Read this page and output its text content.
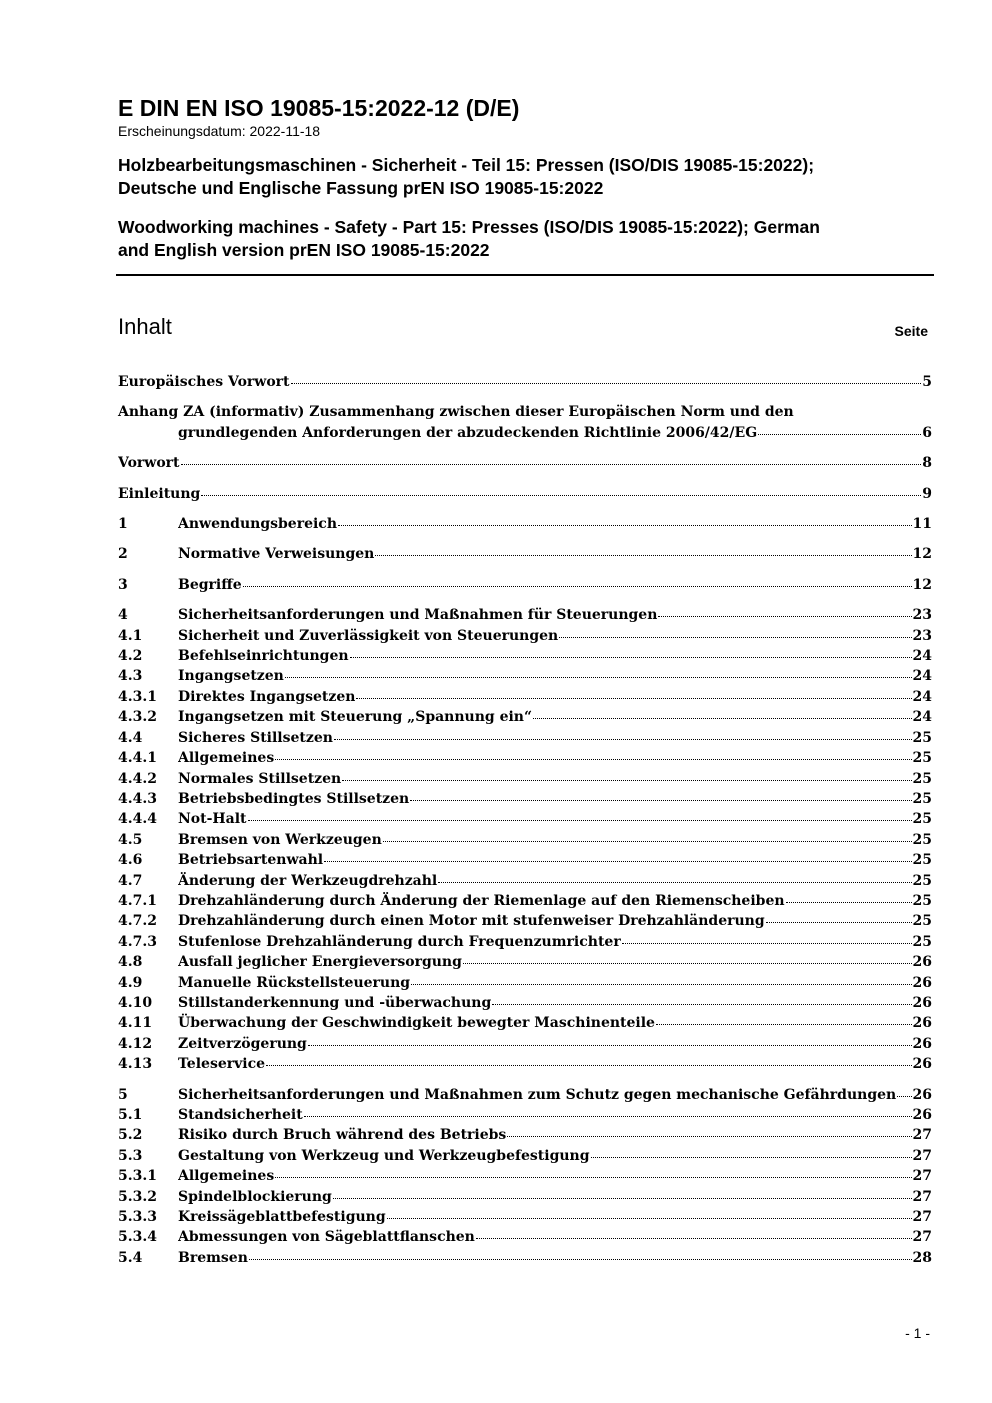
E DIN EN ISO 19085-15:2022-12 (D/E)

Erscheinungsdatum: 2022-11-18

Holzbearbeitungsmaschinen - Sicherheit - Teil 15: Pressen (ISO/DIS 19085-15:2022);
Deutsche und Englische Fassung prEN ISO 19085-15:2022

Woodworking machines - Safety - Part 15: Presses (ISO/DIS 19085-15:2022); German
and English version prEN ISO 19085-15:2022

Inhalt	Seite
Europäisches Vorwort	5
Anhang ZA (informativ) Zusammenhang zwischen dieser Europäischen Norm und den
grundlegenden Anforderungen der abzudeckenden Richtlinie 2006/42/EG	6
Vorwort	8
Einleitung	9
1	Anwendungsbereich	11
2	Normative Verweisungen	12
3	Begriffe	12
4	Sicherheitsanforderungen und Maßnahmen für Steuerungen	23
4.1	Sicherheit und Zuverlässigkeit von Steuerungen	23
4.2	Befehlseinrichtungen	24
4.3	Ingangsetzen	24
4.3.1	Direktes Ingangsetzen	24
4.3.2	Ingangsetzen mit Steuerung „Spannung ein“	24
4.4	Sicheres Stillsetzen	25
4.4.1	Allgemeines	25
4.4.2	Normales Stillsetzen	25
4.4.3	Betriebsbedingtes Stillsetzen	25
4.4.4	Not-Halt	25
4.5	Bremsen von Werkzeugen	25
4.6	Betriebsartenwahl	25
4.7	Änderung der Werkzeugdrehzahl	25
4.7.1	Drehzahländerung durch Änderung der Riemenlage auf den Riemenscheiben	25
4.7.2	Drehzahländerung durch einen Motor mit stufenweiser Drehzahländerung	25
4.7.3	Stufenlose Drehzahländerung durch Frequenzumrichter	25
4.8	Ausfall jeglicher Energieversorgung	26
4.9	Manuelle Rückstellsteuerung	26
4.10	Stillstanderkennung und -überwachung	26
4.11	Überwachung der Geschwindigkeit bewegter Maschinenteile	26
4.12	Zeitverzögerung	26
4.13	Teleservice	26
5	Sicherheitsanforderungen und Maßnahmen zum Schutz gegen mechanische Gefährdungen 26
5.1	Standsicherheit	26
5.2	Risiko durch Bruch während des Betriebs	27
5.3	Gestaltung von Werkzeug und Werkzeugbefestigung	27
5.3.1	Allgemeines	27
5.3.2	Spindelblockierung	27
5.3.3	Kreissägeblattbefestigung	27
5.3.4	Abmessungen von Sägeblattflanschen	27
5.4	Bremsen	28
- 1 -
